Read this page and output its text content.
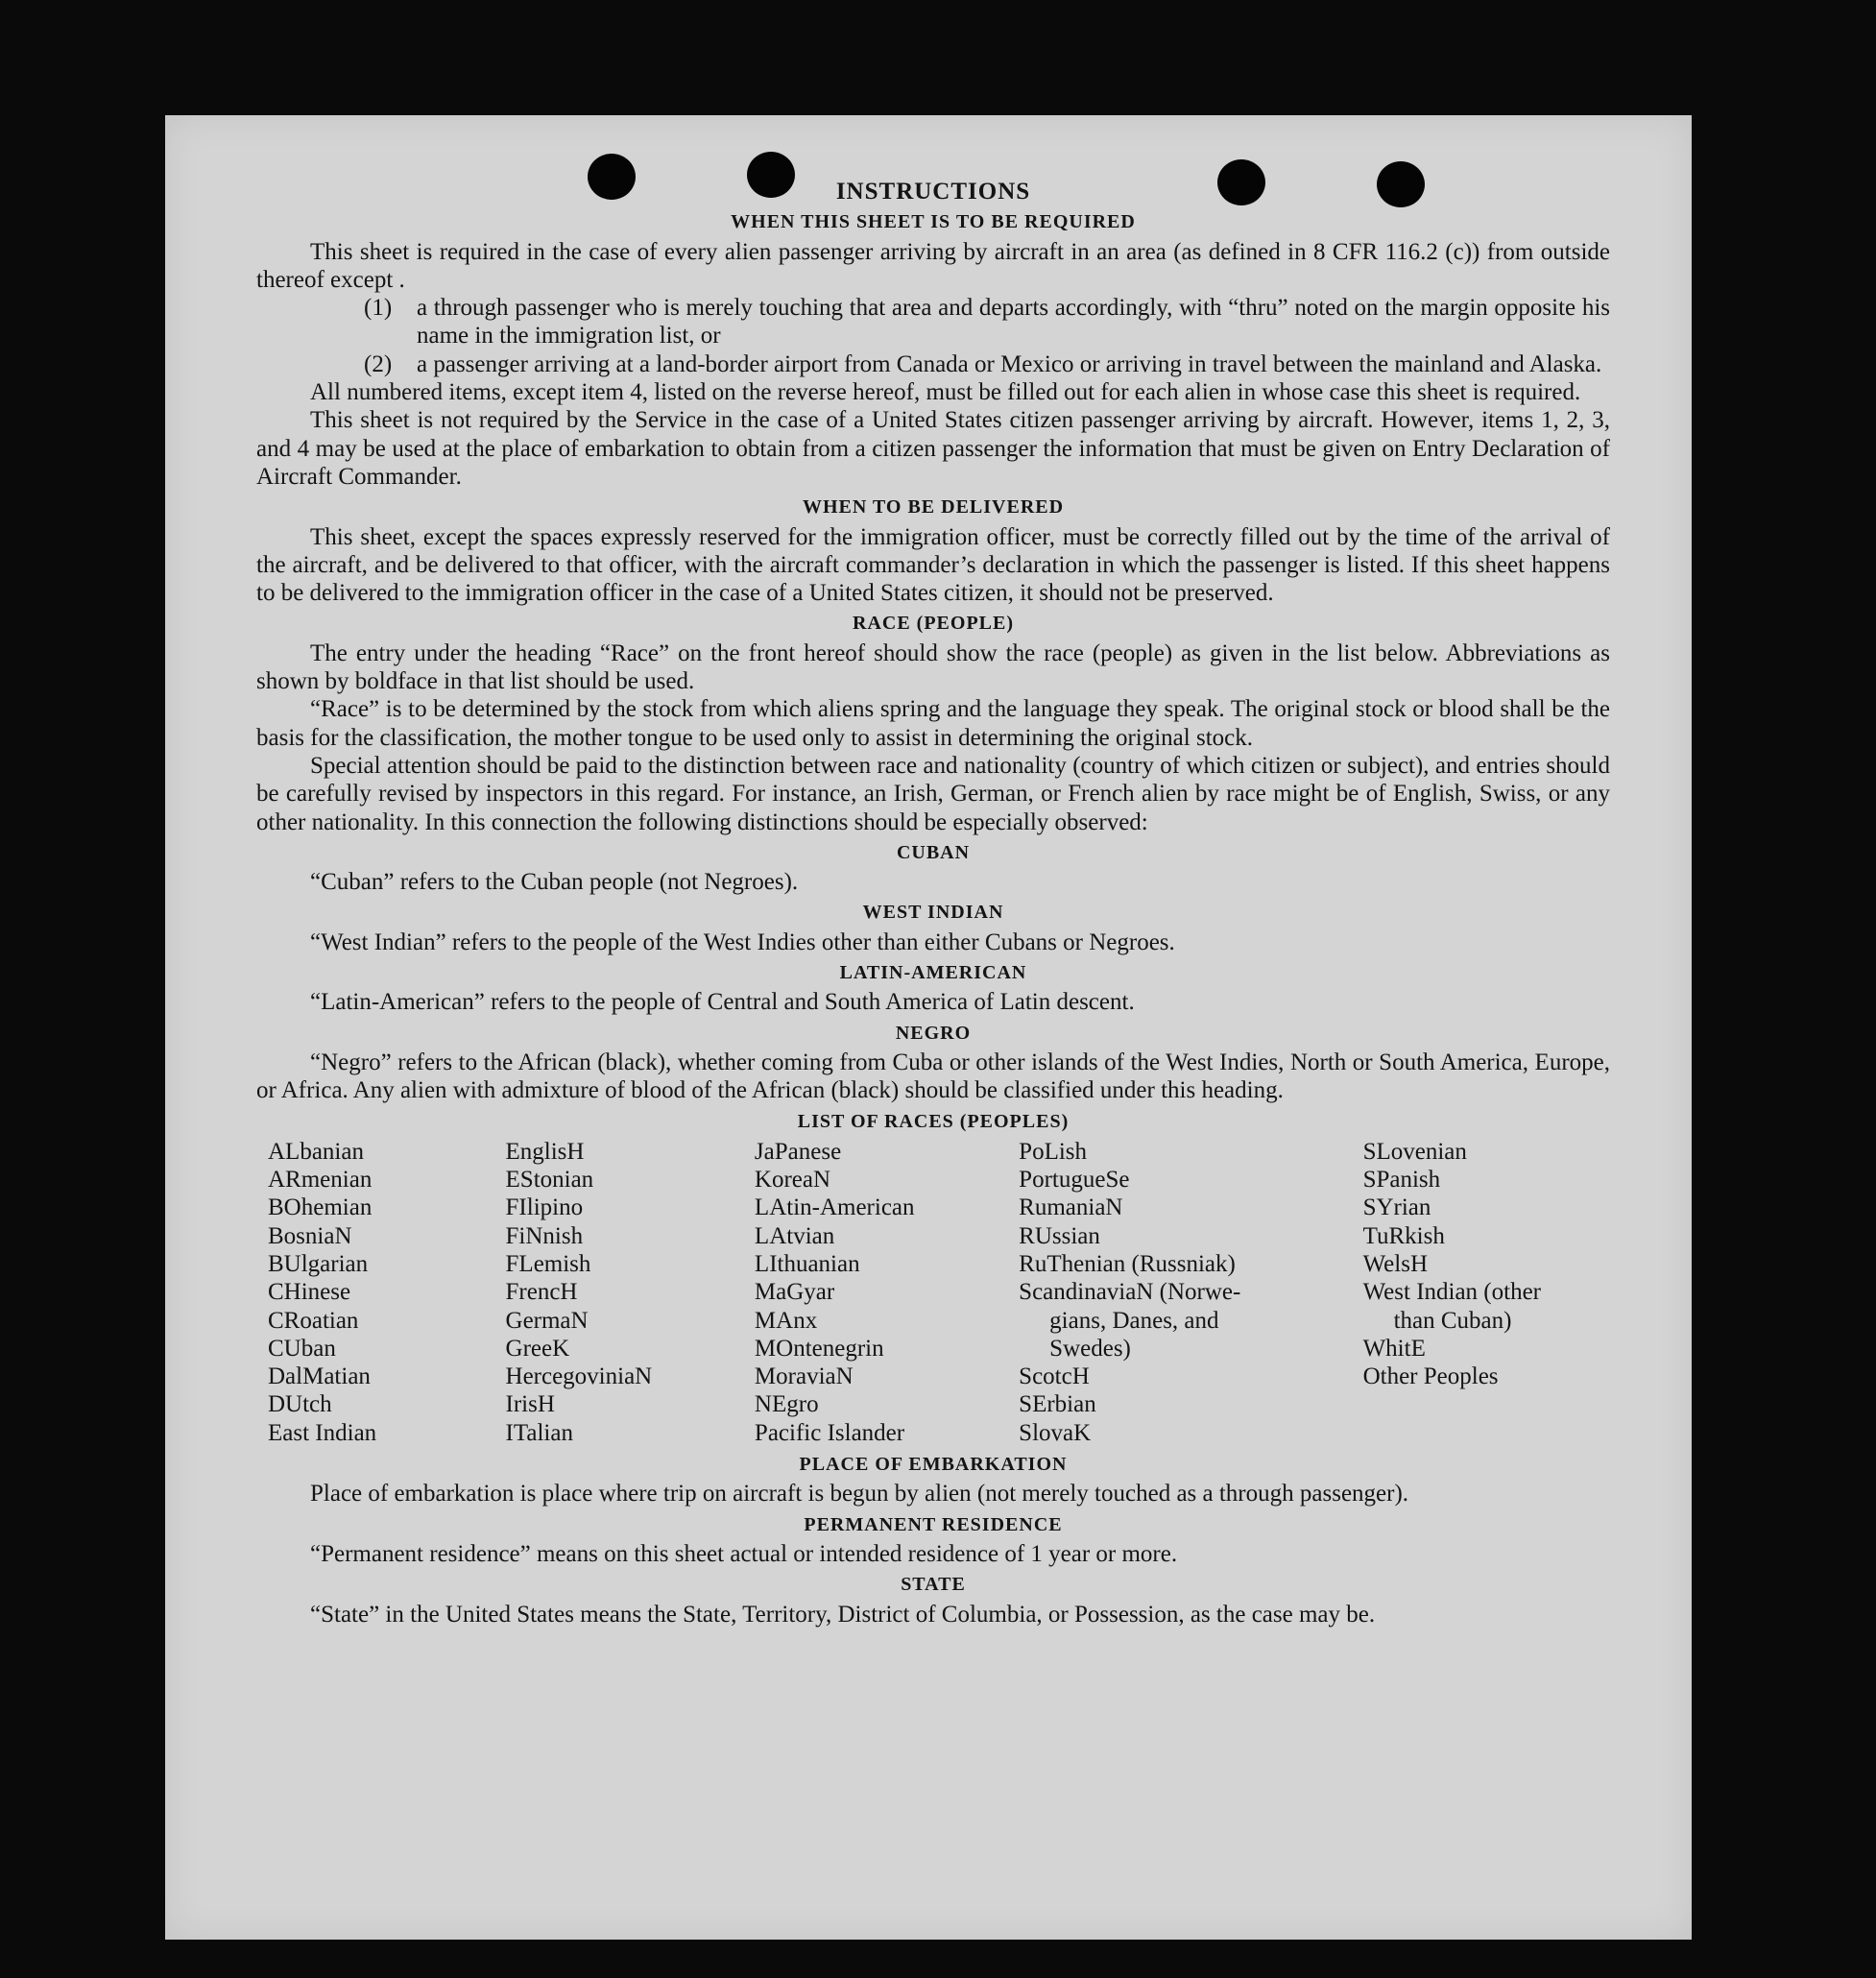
INSTRUCTIONS
WHEN THIS SHEET IS TO BE REQUIRED

This sheet is required in the case of every alien passenger arriving by aircraft in an area (as defined in 8 CFR 116.2 (c)) from outside thereof except .

(1)	a through passenger who is merely touching that area and departs accordingly, with “thru” noted on the margin opposite his name in the immigration list, or
(2)	a passenger arriving at a land-border airport from Canada or Mexico or arriving in travel between the mainland and Alaska.

All numbered items, except item 4, listed on the reverse hereof, must be filled out for each alien in whose case this sheet is required.

This sheet is not required by the Service in the case of a United States citizen passenger arriving by aircraft. However, items 1, 2, 3, and 4 may be used at the place of embarkation to obtain from a citizen passenger the information that must be given on Entry Declaration of Aircraft Commander.

WHEN TO BE DELIVERED

This sheet, except the spaces expressly reserved for the immigration officer, must be correctly filled out by the time of the arrival of the aircraft, and be delivered to that officer, with the aircraft commander’s declaration in which the passenger is listed. If this sheet happens to be delivered to the immigration officer in the case of a United States citizen, it should not be preserved.

RACE (PEOPLE)

The entry under the heading “Race” on the front hereof should show the race (people) as given in the list below. Abbreviations as shown by boldface in that list should be used.

“Race” is to be determined by the stock from which aliens spring and the language they speak. The original stock or blood shall be the basis for the classification, the mother tongue to be used only to assist in determining the original stock.

Special attention should be paid to the distinction between race and nationality (country of which citizen or subject), and entries should be carefully revised by inspectors in this regard. For instance, an Irish, German, or French alien by race might be of English, Swiss, or any other nationality. In this connection the following distinctions should be especially observed:

CUBAN

“Cuban” refers to the Cuban people (not Negroes).

WEST INDIAN

“West Indian” refers to the people of the West Indies other than either Cubans or Negroes.

LATIN-AMERICAN

“Latin-American” refers to the people of Central and South America of Latin descent.

NEGRO

“Negro” refers to the African (black), whether coming from Cuba or other islands of the West Indies, North or South America, Europe, or Africa. Any alien with admixture of blood of the African (black) should be classified under this heading.

LIST OF RACES (PEOPLES)
ALbanian
ARmenian
BOhemian
BosniaN
BUlgarian
CHinese
CRoatian
CUban
DalMatian
DUtch
East Indian
EnglisH
EStonian
FIlipino
FiNnish
FLemish
FrencH
GermaN
GreeK
HercegoviniaN
IrisH
ITalian
JaPanese
KoreaN
LAtin-American
LAtvian
LIthuanian
MaGyar
MAnx
MOntenegrin
MoraviaN
NEgro
Pacific Islander
PoLish
PortugueSe
RumaniaN
RUssian
RuThenian (Russniak)
ScandinaviaN (Norwe-
gians, Danes, and
Swedes)
ScotcH
SErbian
SlovaK
SLovenian
SPanish
SYrian
TuRkish
WelsH
West Indian (other
than Cuban)
WhitE
Other Peoples
PLACE OF EMBARKATION

Place of embarkation is place where trip on aircraft is begun by alien (not merely touched as a through passenger).

PERMANENT RESIDENCE

“Permanent residence” means on this sheet actual or intended residence of 1 year or more.

STATE

“State” in the United States means the State, Territory, District of Columbia, or Possession, as the case may be.
